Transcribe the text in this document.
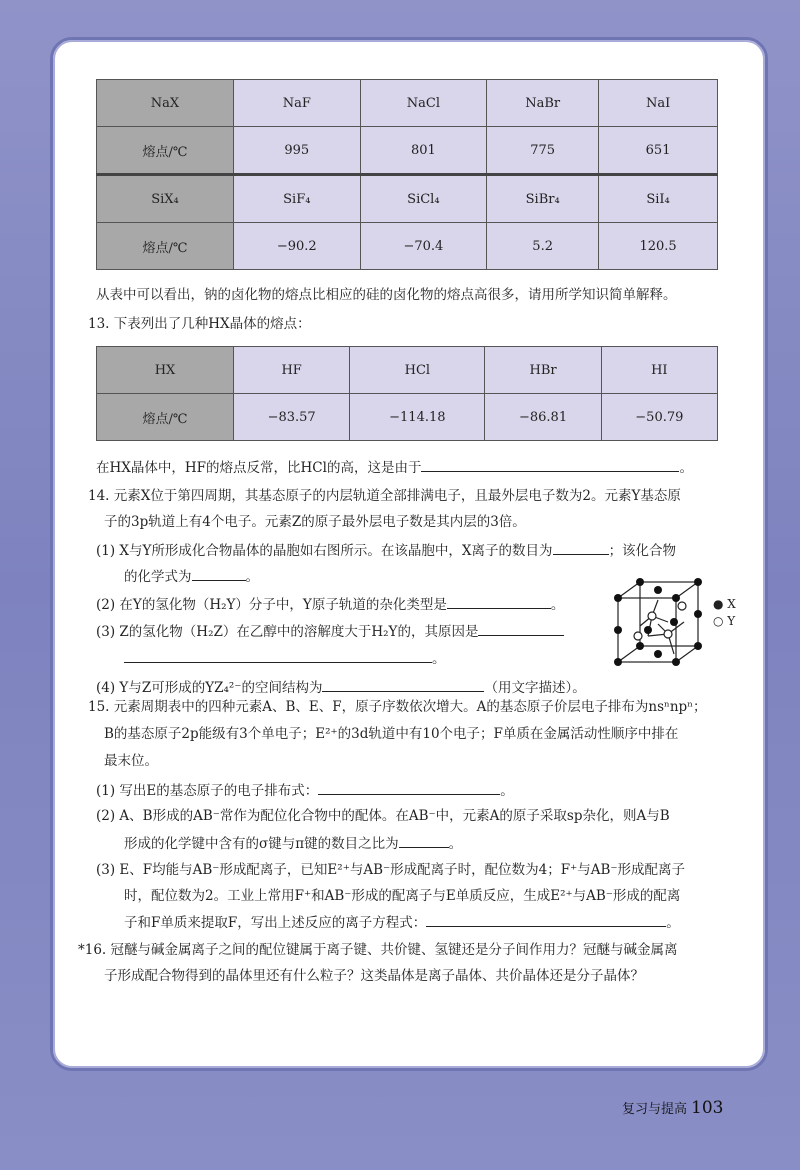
NaX	NaF	NaCl	NaBr	NaI
熔点/℃	995	801	775	651
SiX₄	SiF₄	SiCl₄	SiBr₄	SiI₄
熔点/℃	−90.2	−70.4	5.2	120.5
从表中可以看出，钠的卤化物的熔点比相应的硅的卤化物的熔点高很多，请用所学知识简单解释。
13. 下表列出了几种HX晶体的熔点：
HX	HF	HCl	HBr	HI
熔点/℃	−83.57	−114.18	−86.81	−50.79
在HX晶体中，HF的熔点反常，比HCl的高，这是由于	。
14. 元素X位于第四周期，其基态原子的内层轨道全部排满电子，且最外层电子数为2。元素Y基态原
子的3p轨道上有4个电子。元素Z的原子最外层电子数是其内层的3倍。
(1) X与Y所形成化合物晶体的晶胞如右图所示。在该晶胞中，X离子的数目为	；该化合物
的化学式为	。
(2) 在Y的氢化物（H₂Y）分子中，Y原子轨道的杂化类型是	。
(3) Z的氢化物（H₂Z）在乙醇中的溶解度大于H₂Y的，其原因是
。
(4) Y与Z可形成的YZ₄²⁻的空间结构为	（用文字描述）。
● X
○ Y
15. 元素周期表中的四种元素A、B、E、F，原子序数依次增大。A的基态原子价层电子排布为nsⁿnpⁿ；
B的基态原子2p能级有3个单电子；E²⁺的3d轨道中有10个电子；F单质在金属活动性顺序中排在
最末位。
(1) 写出E的基态原子的电子排布式：	。
(2) A、B形成的AB⁻常作为配位化合物中的配体。在AB⁻中，元素A的原子采取sp杂化，则A与B
形成的化学键中含有的σ键与π键的数目之比为	。
(3) E、F均能与AB⁻形成配离子，已知E²⁺与AB⁻形成配离子时，配位数为4；F⁺与AB⁻形成配离子
时，配位数为2。工业上常用F⁺和AB⁻形成的配离子与E单质反应，生成E²⁺与AB⁻形成的配离
子和F单质来提取F，写出上述反应的离子方程式：	。
*16. 冠醚与碱金属离子之间的配位键属于离子键、共价键、氢键还是分子间作用力？冠醚与碱金属离
子形成配合物得到的晶体里还有什么粒子？这类晶体是离子晶体、共价晶体还是分子晶体？
复习与提高 103
